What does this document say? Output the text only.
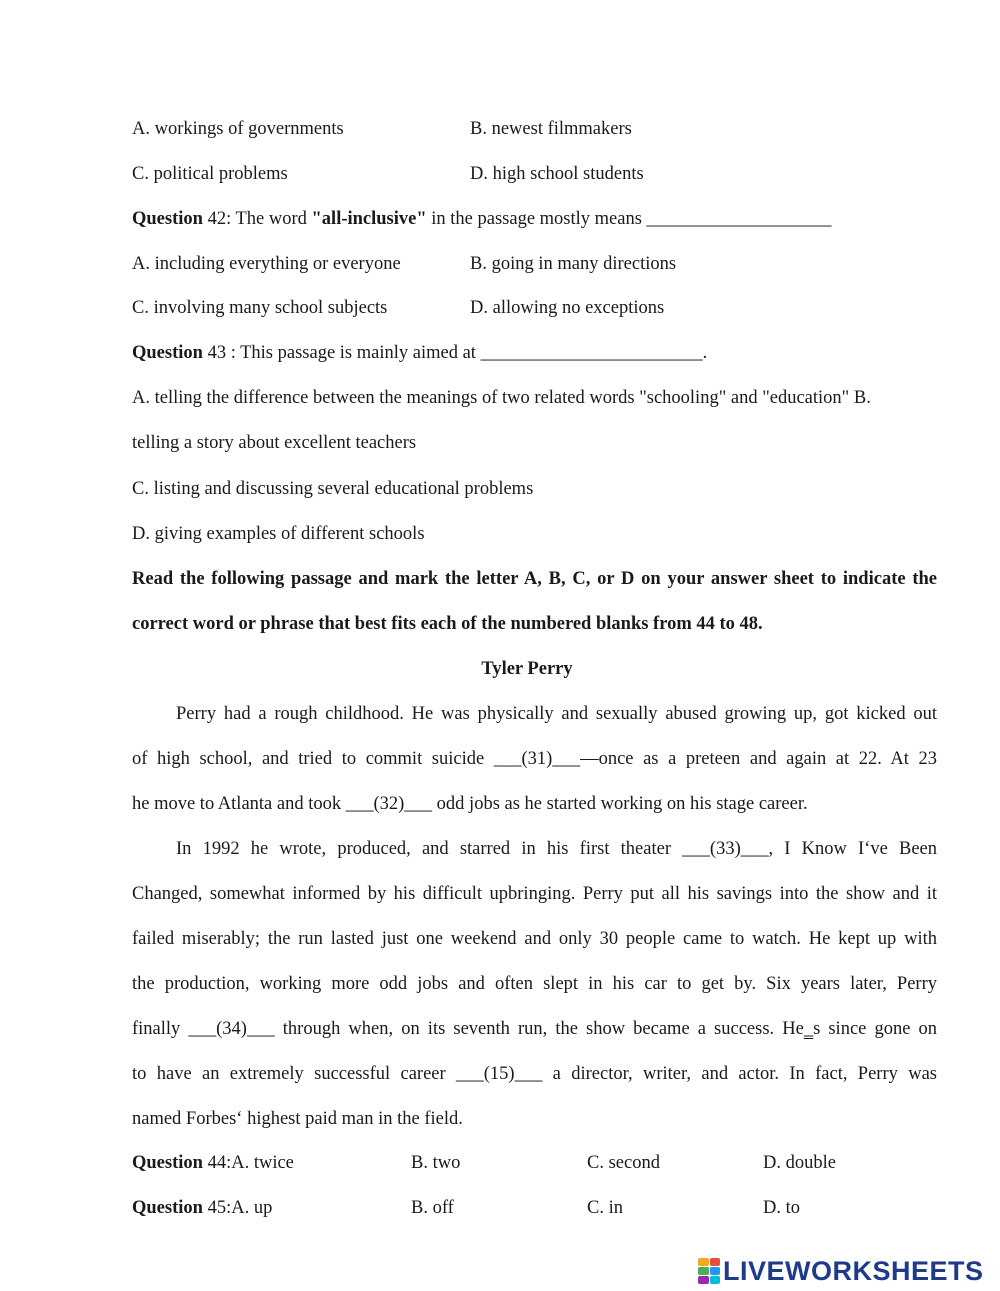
A. workings of governments	B. newest filmmakers
C. political problems	D. high school students
Question 42: The word "all-inclusive" in the passage mostly means ____________________
A. including everything or everyone	B. going in many directions
C. involving many school subjects	D. allowing no exceptions
Question 43 : This passage is mainly aimed at ________________________.
A. telling the difference between the meanings of two related words "schooling" and "education" B.
telling a story about excellent teachers
C. listing and discussing several educational problems
D. giving examples of different schools
Read the following passage and mark the letter A, B, C, or D on your answer sheet to indicate the
correct word or phrase that best fits each of the numbered blanks from 44 to 48.
Tyler Perry
Perry had a rough childhood. He was physically and sexually abused growing up, got kicked out
of high school, and tried to commit suicide ___(31)___—once as a preteen and again at 22. At 23
he move to Atlanta and took ___(32)___ odd jobs as he started working on his stage career.
In 1992 he wrote, produced, and starred in his first theater ___(33)___, I Know I‘ve Been
Changed, somewhat informed by his difficult upbringing. Perry put all his savings into the show and it
failed miserably; the run lasted just one weekend and only 30 people came to watch. He kept up with
the production, working more odd jobs and often slept in his car to get by. Six years later, Perry
finally ___(34)___ through when, on its seventh run, the show became a success. He‗s since gone on
to have an extremely successful career ___(15)___ a director, writer, and actor. In fact, Perry was
named Forbes‘ highest paid man in the field.
Question 44:A. twice	B. two	C. second	D. double
Question 45:A. up	B. off	C. in	D. to
LIVEWORKSHEETS
